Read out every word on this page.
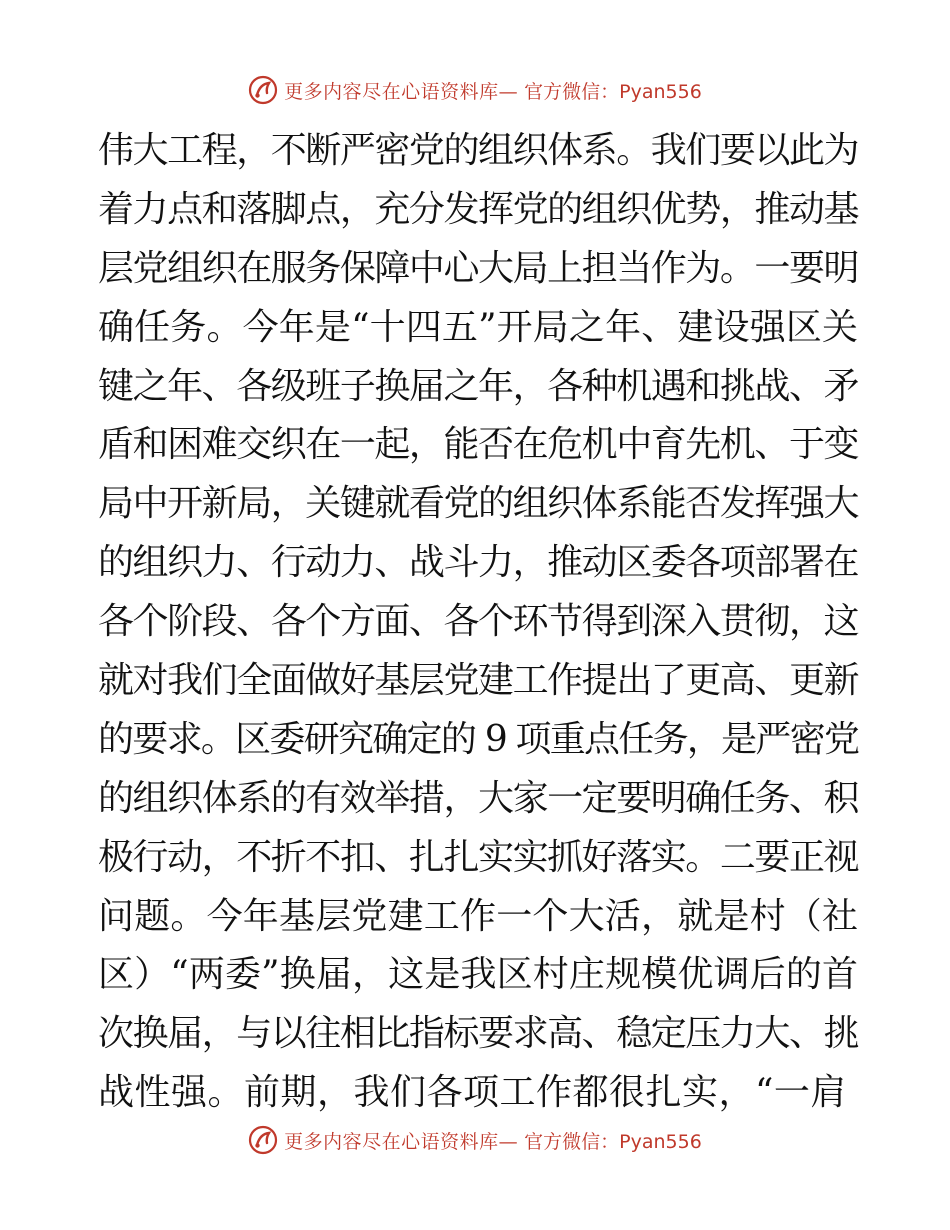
更多内容尽在心语资料库— 官方微信：Pyan556
伟大工程，不断严密党的组织体系。我们要以此为
着力点和落脚点，充分发挥党的组织优势，推动基
层党组织在服务保障中心大局上担当作为。一要明
确任务。今年是“十四五”开局之年、建设强区关
键之年、各级班子换届之年，各种机遇和挑战、矛
盾和困难交织在一起，能否在危机中育先机、于变
局中开新局，关键就看党的组织体系能否发挥强大
的组织力、行动力、战斗力，推动区委各项部署在
各个阶段、各个方面、各个环节得到深入贯彻，这
就对我们全面做好基层党建工作提出了更高、更新
的要求。区委研究确定的 9 项重点任务，是严密党
的组织体系的有效举措，大家一定要明确任务、积
极行动，不折不扣、扎扎实实抓好落实。二要正视
问题。今年基层党建工作一个大活，就是村（社
区）“两委”换届，这是我区村庄规模优调后的首
次换届，与以往相比指标要求高、稳定压力大、挑
战性强。前期，我们各项工作都很扎实，“一肩
更多内容尽在心语资料库— 官方微信：Pyan556
